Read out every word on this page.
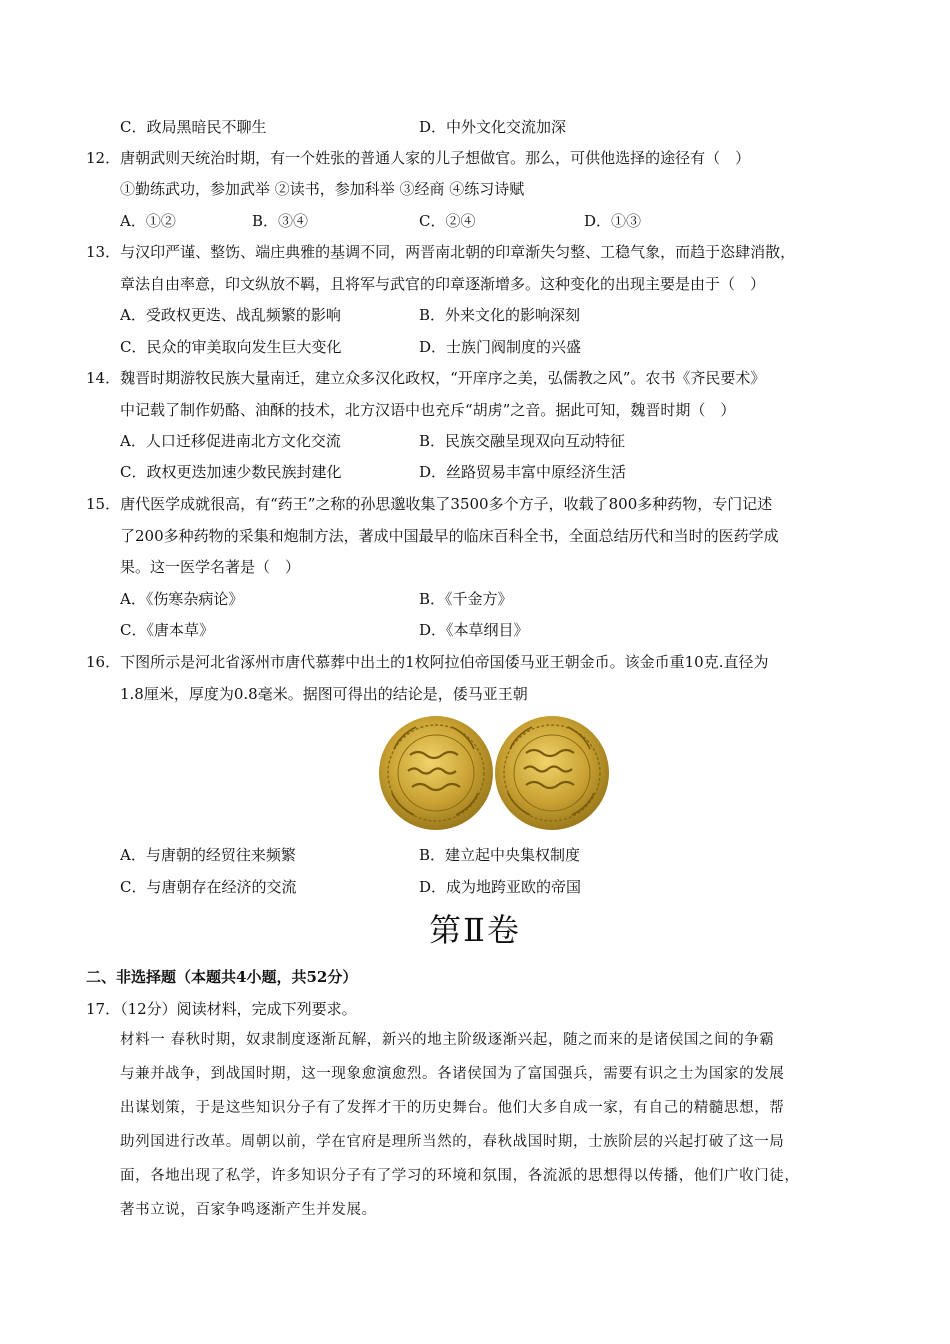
C．政局黑暗民不聊生	D．中外文化交流加深
12．唐朝武则天统治时期，有一个姓张的普通人家的儿子想做官。那么，可供他选择的途径有（　）
①勤练武功，参加武举 ②读书，参加科举 ③经商 ④练习诗赋
A．①②	B．③④	C．②④	D．①③
13．与汉印严谨、整饬、端庄典雅的基调不同，两晋南北朝的印章渐失匀整、工稳气象，而趋于恣肆消散，
章法自由率意，印文纵放不羁，且将军与武官的印章逐渐增多。这种变化的出现主要是由于（　）
A．受政权更迭、战乱频繁的影响	B．外来文化的影响深刻
C．民众的审美取向发生巨大变化	D．士族门阀制度的兴盛
14．魏晋时期游牧民族大量南迁，建立众多汉化政权，“开庠序之美，弘儒教之风”。农书《齐民要术》
中记载了制作奶酪、油酥的技术，北方汉语中也充斥“胡虏”之音。据此可知，魏晋时期（　）
A．人口迁移促进南北方文化交流	B．民族交融呈现双向互动特征
C．政权更迭加速少数民族封建化	D．丝路贸易丰富中原经济生活
15．唐代医学成就很高，有“药王”之称的孙思邈收集了3500多个方子，收载了800多种药物，专门记述
了200多种药物的采集和炮制方法，著成中国最早的临床百科全书，全面总结历代和当时的医药学成
果。这一医学名著是（　）
A．《伤寒杂病论》	B．《千金方》
C．《唐本草》	D．《本草纲目》
16．下图所示是河北省涿州市唐代慕葬中出土的1枚阿拉伯帝国倭马亚王朝金币。该金币重10克.直径为
1.8厘米，厚度为0.8毫米。据图可得出的结论是，倭马亚王朝
A．与唐朝的经贸往来频繁	B．建立起中央集权制度
C．与唐朝存在经济的交流	D．成为地跨亚欧的帝国
第Ⅱ卷
二、非选择题（本题共4小题，共52分）
17．（12分）阅读材料，完成下列要求。
材料一 春秋时期，奴隶制度逐渐瓦解，新兴的地主阶级逐渐兴起，随之而来的是诸侯国之间的争霸
与兼并战争，到战国时期，这一现象愈演愈烈。各诸侯国为了富国强兵，需要有识之士为国家的发展
出谋划策，于是这些知识分子有了发挥才干的历史舞台。他们大多自成一家，有自己的精髓思想，帮
助列国进行改革。周朝以前，学在官府是理所当然的，春秋战国时期，士族阶层的兴起打破了这一局
面，各地出现了私学，许多知识分子有了学习的环境和氛围，各流派的思想得以传播，他们广收门徒，
著书立说，百家争鸣逐渐产生并发展。
